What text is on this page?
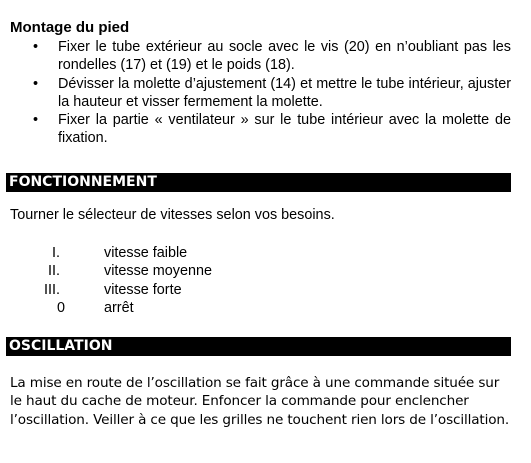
Montage du pied
• Fixer le tube extérieur au socle avec le vis (20) en n’oubliant pas les rondelles (17) et (19) et le poids (18).
• Dévisser la molette d’ajustement (14) et mettre le tube intérieur, ajuster la hauteur et visser fermement la molette.
• Fixer la partie « ventilateur » sur le tube intérieur avec la molette de fixation.
FONCTIONNEMENT

Tourner le sélecteur de vitesses selon vos besoins.

I.	vitesse faible
II.	vitesse moyenne
III.	vitesse forte
0	arrêt
OSCILLATION

La mise en route de l’oscillation se fait grâce à une commande située sur le haut du cache de moteur. Enfoncer la commande pour enclencher l’oscillation. Veiller à ce que les grilles ne touchent rien lors de l’oscillation.
